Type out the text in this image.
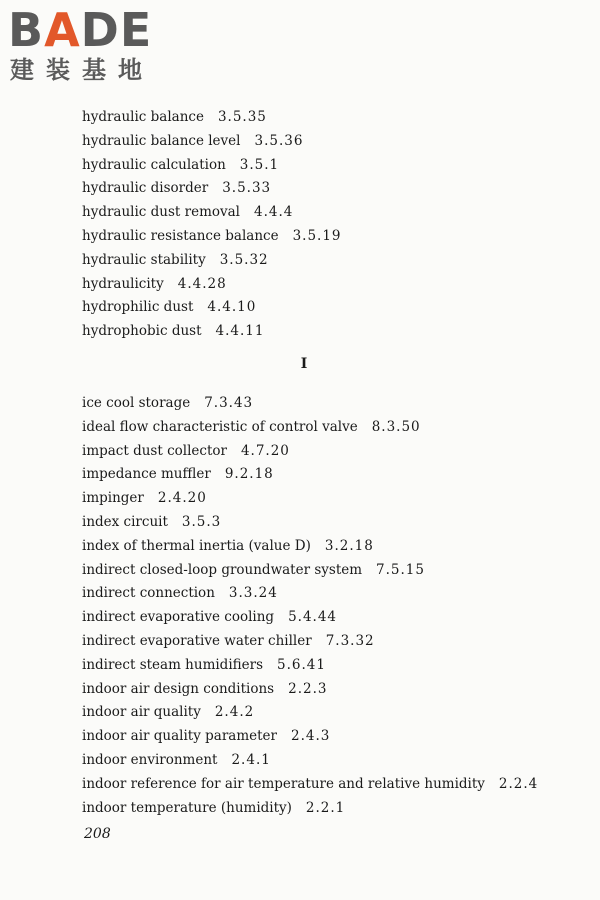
BADE
建装基地
hydraulic balance 3.5.35
hydraulic balance level 3.5.36
hydraulic calculation 3.5.1
hydraulic disorder 3.5.33
hydraulic dust removal 4.4.4
hydraulic resistance balance 3.5.19
hydraulic stability 3.5.32
hydraulicity 4.4.28
hydrophilic dust 4.4.10
hydrophobic dust 4.4.11
I
ice cool storage 7.3.43
ideal flow characteristic of control valve 8.3.50
impact dust collector 4.7.20
impedance muffler 9.2.18
impinger 2.4.20
index circuit 3.5.3
index of thermal inertia (value D) 3.2.18
indirect closed-loop groundwater system 7.5.15
indirect connection 3.3.24
indirect evaporative cooling 5.4.44
indirect evaporative water chiller 7.3.32
indirect steam humidifiers 5.6.41
indoor air design conditions 2.2.3
indoor air quality 2.4.2
indoor air quality parameter 2.4.3
indoor environment 2.4.1
indoor reference for air temperature and relative humidity 2.2.4
indoor temperature (humidity) 2.2.1
208
